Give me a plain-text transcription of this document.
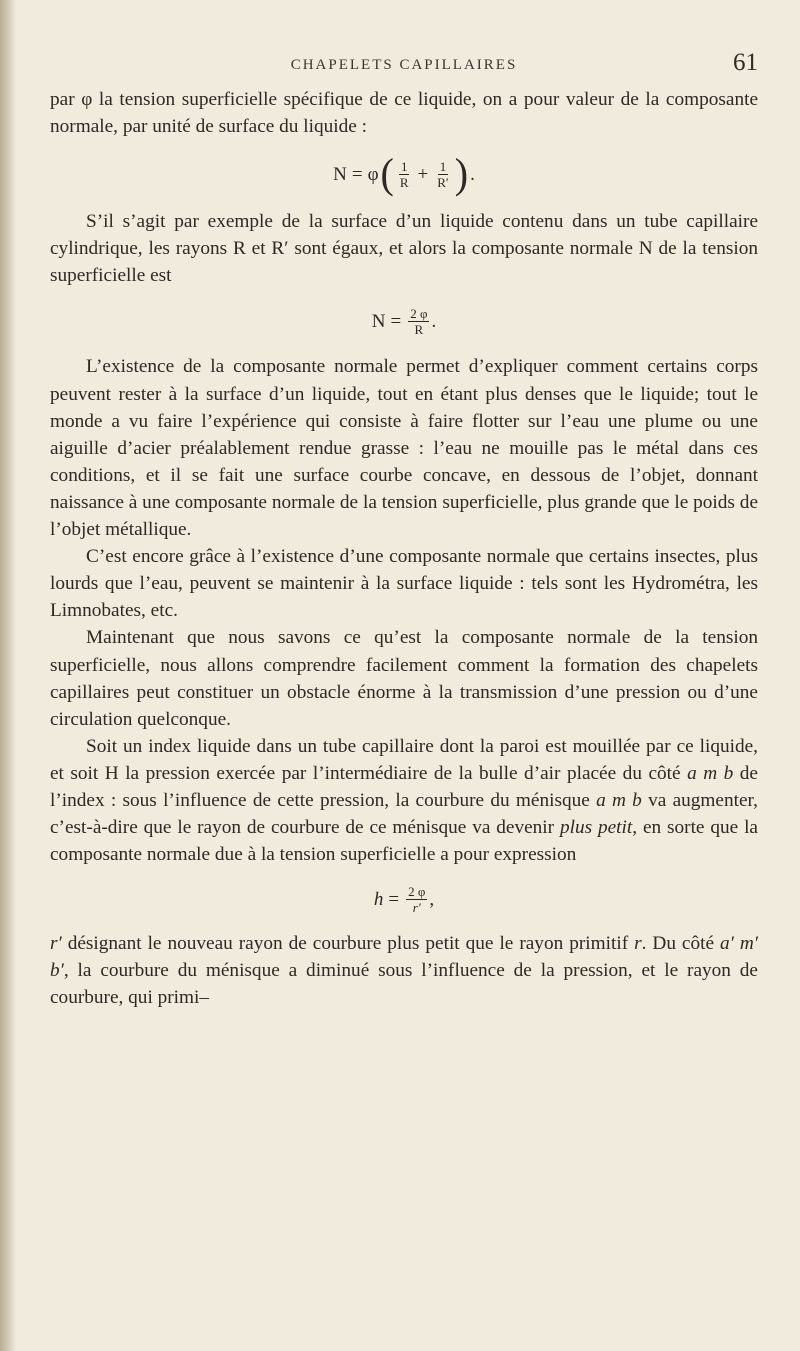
CHAPELETS CAPILLAIRES	61

par φ la tension superficielle spécifique de ce liquide, on a pour valeur de la composante normale, par unité de surface du liquide :

N = φ ( $\frac{1}{R} + \frac{1}{R'}$ ) .

S’il s’agit par exemple de la surface d’un liquide contenu dans un tube capillaire cylindrique, les rayons R et R′ sont égaux, et alors la composante normale N de la tension superficielle est

$N = \frac{2 \varphi}{R}$ .

L’existence de la composante normale permet d’expliquer comment certains corps peuvent rester à la surface d’un liquide, tout en étant plus denses que le liquide; tout le monde a vu faire l’expérience qui consiste à faire flotter sur l’eau une plume ou une aiguille d’acier préalablement rendue grasse : l’eau ne mouille pas le métal dans ces conditions, et il se fait une surface courbe concave, en dessous de l’objet, donnant naissance à une composante normale de la tension superficielle, plus grande que le poids de l’objet métallique.

C’est encore grâce à l’existence d’une composante normale que certains insectes, plus lourds que l’eau, peuvent se maintenir à la surface liquide : tels sont les Hydrométra, les Limnobates, etc.

Maintenant que nous savons ce qu’est la composante normale de la tension superficielle, nous allons comprendre facilement comment la formation des chapelets capillaires peut constituer un obstacle énorme à la transmission d’une pression ou d’une circulation quelconque.

Soit un index liquide dans un tube capillaire dont la paroi est mouillée par ce liquide, et soit H la pression exercée par l’intermédiaire de la bulle d’air placée du côté a m b de l’index : sous l’influence de cette pression, la courbure du ménisque a m b va augmenter, c’est-à-dire que le rayon de courbure de ce ménisque va devenir plus petit, en sorte que la composante normale due à la tension superficielle a pour expression

$h = \frac{2 \varphi}{r'}$ ,

r′ désignant le nouveau rayon de courbure plus petit que le rayon primitif r. Du côté a′ m′ b′, la courbure du ménisque a diminué sous l’influence de la pression, et le rayon de courbure, qui primi–
